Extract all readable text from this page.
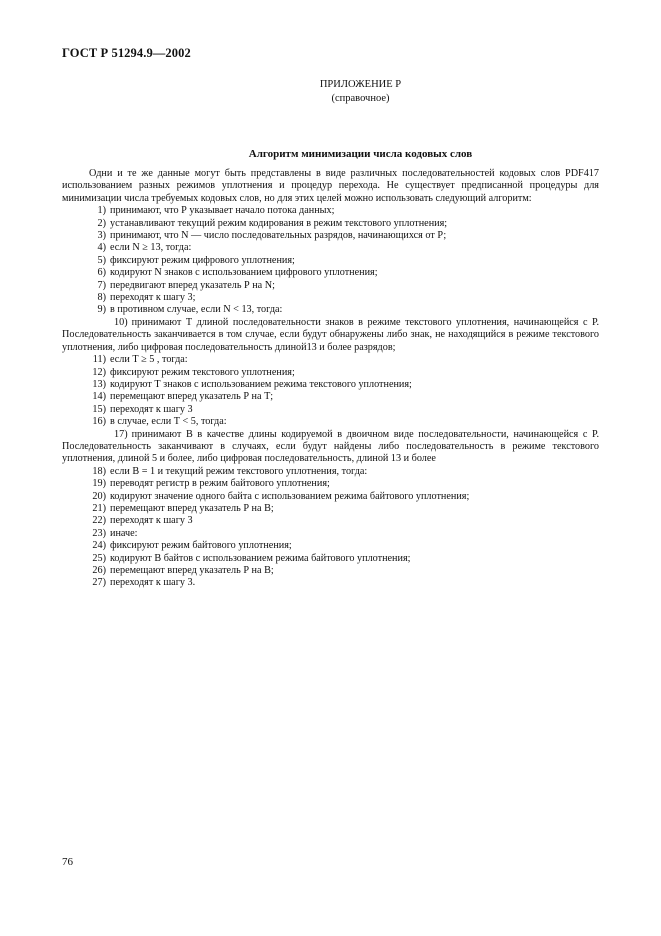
ГОСТ Р 51294.9—2002
ПРИЛОЖЕНИЕ Р
(справочное)
Алгоритм минимизации числа кодовых слов

Одни и те же данные могут быть представлены в виде различных последовательностей кодовых слов PDF417 использованием разных режимов уплотнения и процедур перехода. Не существует предписанной процедуры для минимизации числа требуемых кодовых слов, но для этих целей можно использовать следующий алгоритм:

1) принимают, что Р указывает начало потока данных;
2) устанавливают текущий режим кодирования в режим текстового уплотнения;
3) принимают, что N — число последовательных разрядов, начинающихся от Р;
4) если N ≥ 13, тогда:
5) фиксируют режим цифрового уплотнения;
6) кодируют N знаков с использованием цифрового уплотнения;
7) передвигают вперед указатель Р на N;
8) переходят к шагу 3;
9) в противном случае, если N < 13, тогда:
10) принимают Т длиной последовательности знаков в режиме текстового уплотнения, начинающейся с Р. Последовательность заканчивается в том случае, если будут обнаружены либо знак, не находящийся в режиме текстового уплотнения, либо цифровая последовательность длиной13 и более разрядов;
11) если Т ≥ 5 , тогда:
12) фиксируют режим текстового уплотнения;
13) кодируют Т знаков с использованием режима текстового уплотнения;
14) перемещают вперед указатель Р на Т;
15) переходят к шагу 3
16) в случае, если Т < 5, тогда:
17) принимают В в качестве длины кодируемой в двоичном виде последовательности, начинающейся с Р. Последовательность заканчивают в случаях, если будут найдены либо последовательность в режиме текстового уплотнения, длиной 5 и более, либо цифровая последовательность, длиной 13 и более
18) если В = 1 и текущий режим текстового уплотнения, тогда:
19) переводят регистр в режим байтового уплотнения;
20) кодируют значение одного байта с использованием режима байтового уплотнения;
21) перемещают вперед указатель Р на В;
22) переходят к шагу 3
23) иначе:
24) фиксируют режим байтового уплотнения;
25) кодируют В байтов с использованием режима байтового уплотнения;
26) перемещают вперед указатель Р на В;
27) переходят к шагу 3.
76
